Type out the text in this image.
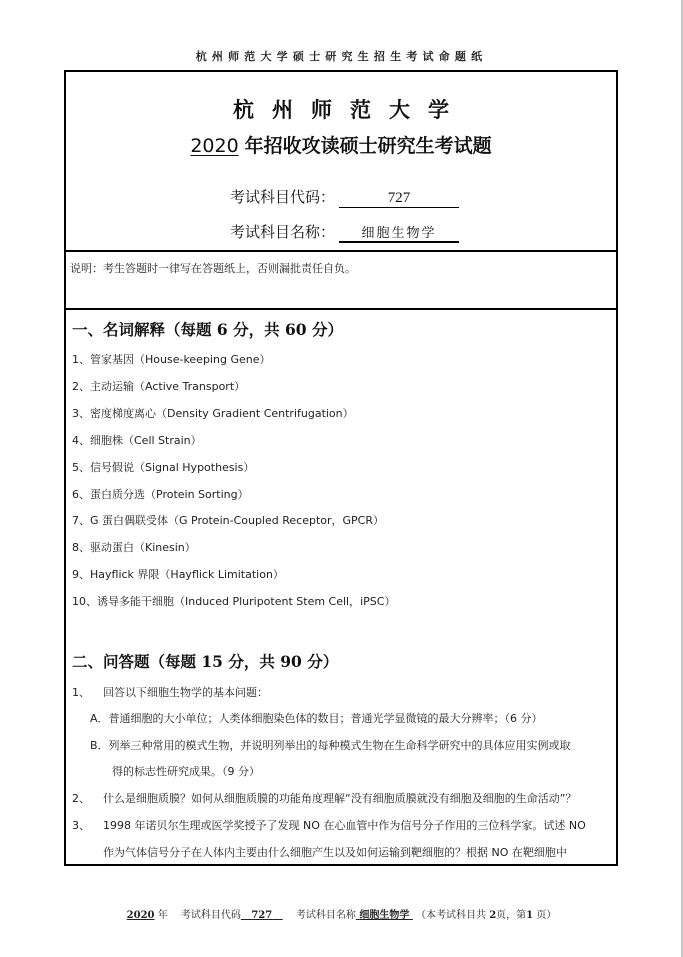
杭州师范大学硕士研究生招生考试命题纸
杭州师范大学
2020 年招收攻读硕士研究生考试题
考试科目代码：	727
考试科目名称： 细胞生物学
说明：考生答题时一律写在答题纸上，否则漏批责任自负。
一、名词解释（每题 6 分，共 60 分）
1、管家基因（House-keeping Gene）
2、主动运输（Active Transport）
3、密度梯度离心（Density Gradient Centrifugation）
4、细胞株（Cell Strain）
5、信号假说（Signal Hypothesis）
6、蛋白质分选（Protein Sorting）
7、G 蛋白偶联受体（G Protein-Coupled Receptor，GPCR）
8、驱动蛋白（Kinesin）
9、Hayflick 界限（Hayflick Limitation）
10、诱导多能干细胞（Induced Pluripotent Stem Cell，iPSC）
二、问答题（每题 15 分，共 90 分）
1、 回答以下细胞生物学的基本问题：
A．普通细胞的大小单位；人类体细胞染色体的数目；普通光学显微镜的最大分辨率；（6 分）
B．列举三种常用的模式生物，并说明列举出的每种模式生物在生命科学研究中的具体应用实例或取
得的标志性研究成果。（9 分）
2、 什么是细胞质膜？如何从细胞质膜的功能角度理解“没有细胞质膜就没有细胞及细胞的生命活动”？
3、 1998 年诺贝尔生理或医学奖授予了发现 NO 在心血管中作为信号分子作用的三位科学家。试述 NO
作为气体信号分子在人体内主要由什么细胞产生以及如何运输到靶细胞的？根据 NO 在靶细胞中
2020 年 考试科目代码 727 考试科目名称 细胞生物学 （本考试科目共 2页，第1 页）
